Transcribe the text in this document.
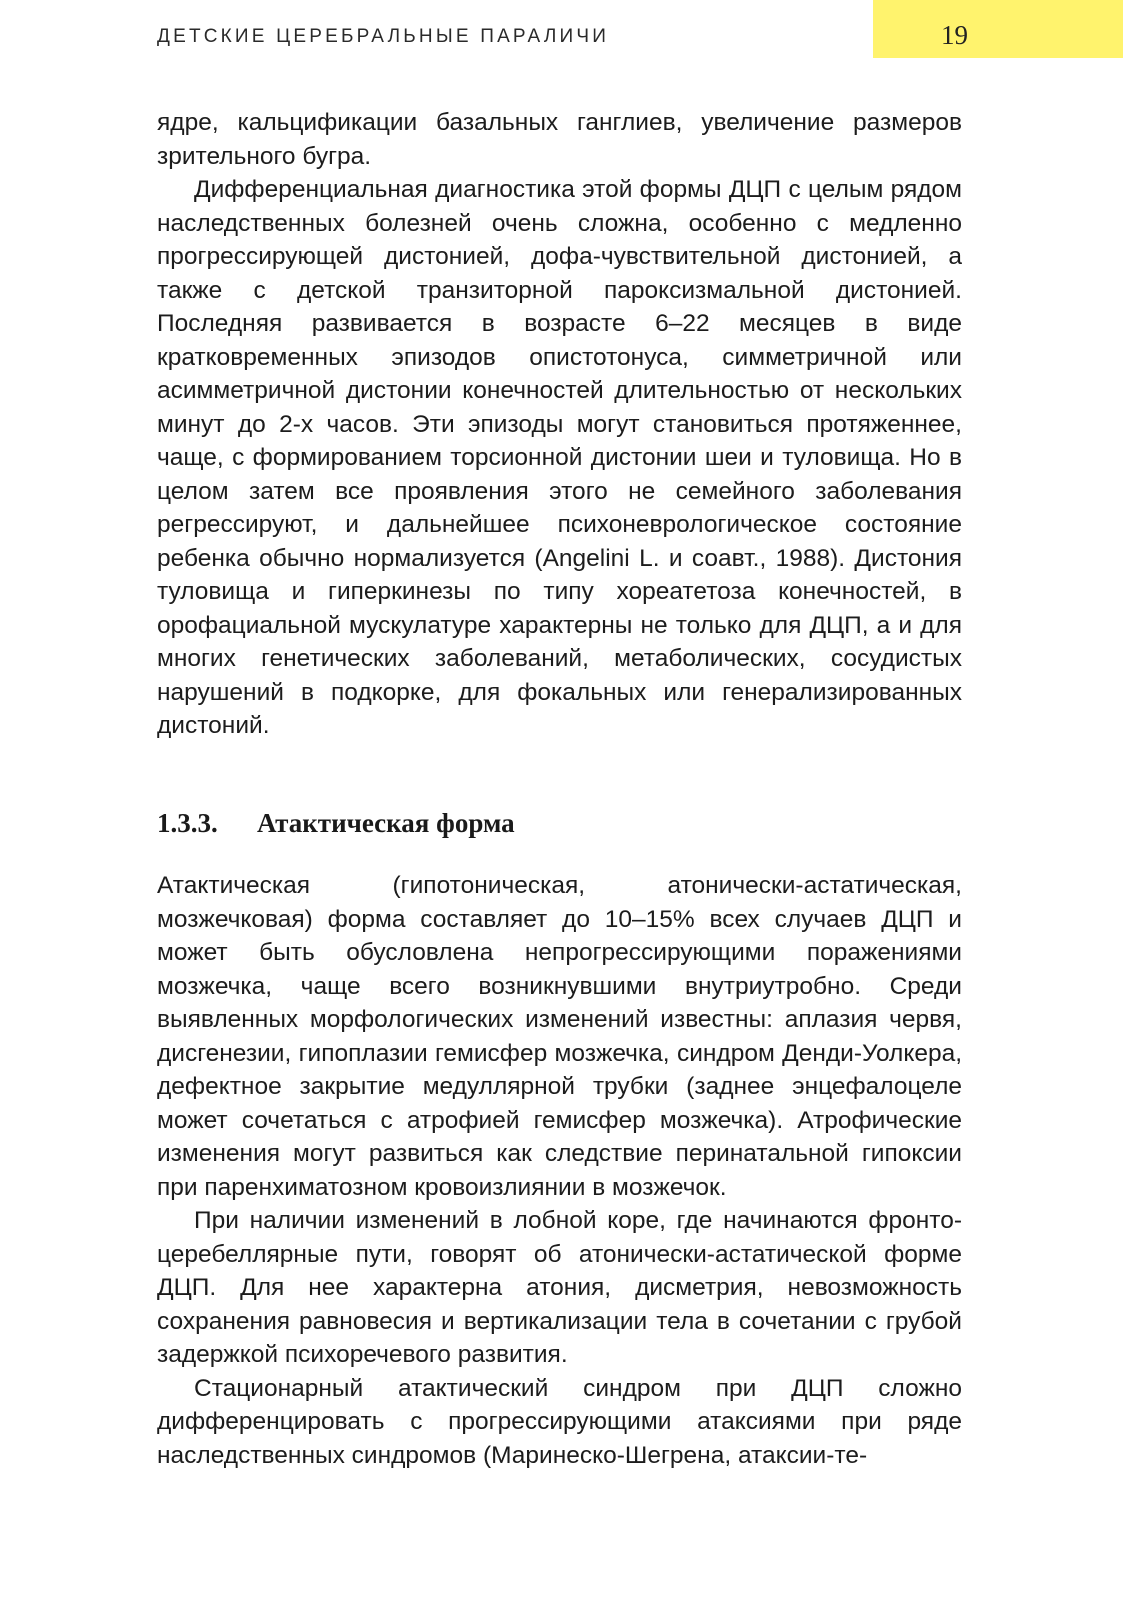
ДЕТСКИЕ ЦЕРЕБРАЛЬНЫЕ ПАРАЛИЧИ	19

ядре, кальцификации базальных ганглиев, увеличение размеров зрительного бугра.

Дифференциальная диагностика этой формы ДЦП с целым рядом наследственных болезней очень сложна, особенно с медленно прогрессирующей дистонией, дофа-чувствительной дистонией, а также с детской транзиторной пароксизмальной дистонией. Последняя развивается в возрасте 6–22 месяцев в виде кратковременных эпизодов опистотонуса, симметричной или асимметричной дистонии конечностей длительностью от нескольких минут до 2-х часов. Эти эпизоды могут становиться протяженнее, чаще, с формированием торсионной дистонии шеи и туловища. Но в целом затем все проявления этого не семейного заболевания регрессируют, и дальнейшее психоневрологическое состояние ребенка обычно нормализуется (Angelini L. и соавт., 1988). Дистония туловища и гиперкинезы по типу хореатетоза конечностей, в орофациальной мускулатуре характерны не только для ДЦП, а и для многих генетических заболеваний, метаболических, сосудистых нарушений в подкорке, для фокальных или генерализированных дистоний.

1.3.3. Атактическая форма

Атактическая (гипотоническая, атонически-астатическая, мозжечковая) форма составляет до 10–15% всех случаев ДЦП и может быть обусловлена непрогрессирующими поражениями мозжечка, чаще всего возникнувшими внутриутробно. Среди выявленных морфологических изменений известны: аплазия червя, дисгенезии, гипоплазии гемисфер мозжечка, синдром Денди-Уолкера, дефектное закрытие медуллярной трубки (заднее энцефалоцеле может сочетаться с атрофией гемисфер мозжечка). Атрофические изменения могут развиться как следствие перинатальной гипоксии при паренхиматозном кровоизлиянии в мозжечок.

При наличии изменений в лобной коре, где начинаются фронто-церебеллярные пути, говорят об атонически-астатической форме ДЦП. Для нее характерна атония, дисметрия, невозможность сохранения равновесия и вертикализации тела в сочетании с грубой задержкой психоречевого развития.

Стационарный атактический синдром при ДЦП сложно дифференцировать с прогрессирующими атаксиями при ряде наследственных синдромов (Маринеско-Шегрена, атаксии-те-
